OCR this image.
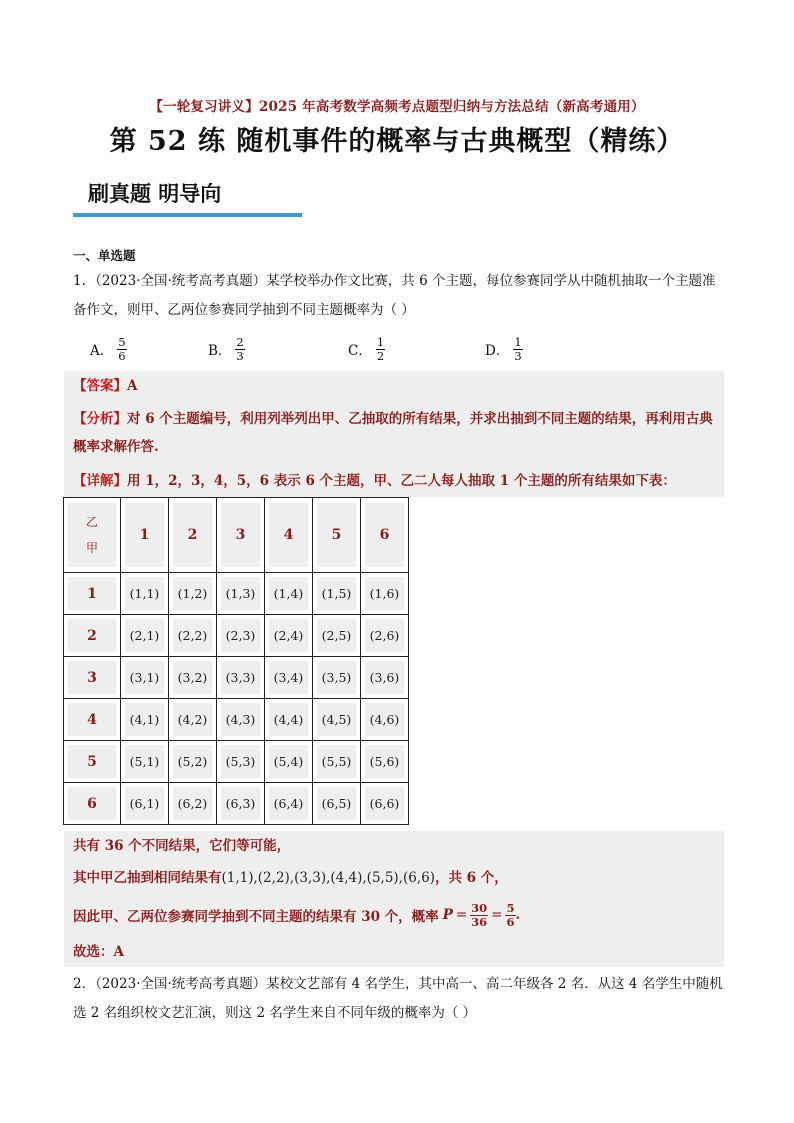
【一轮复习讲义】2025 年高考数学高频考点题型归纳与方法总结（新高考通用）
第 52 练 随机事件的概率与古典概型（精练）
刷真题 明导向
一、单选题
1．（2023·全国·统考高考真题）某学校举办作文比赛，共 6 个主题，每位参赛同学从中随机抽取一个主题准备作文，则甲、乙两位参赛同学抽到不同主题概率为（ ）
A． $\frac{5}{6}$	B． $\frac{2}{3}$	C． $\frac{1}{2}$	D． $\frac{1}{3}$
【答案】A
【分析】对 6 个主题编号，利用列举列出甲、乙抽取的所有结果，并求出抽到不同主题的结果，再利用古典概率求解作答.
【详解】用 1，2，3，4，5，6 表示 6 个主题，甲、乙二人每人抽取 1 个主题的所有结果如下表：
乙
甲	1	2	3	4	5	6

1	(1,1)	(1,2)	(1,3)	(1,4)	(1,5)	(1,6)

2	(2,1)	(2,2)	(2,3)	(2,4)	(2,5)	(2,6)

3	(3,1)	(3,2)	(3,3)	(3,4)	(3,5)	(3,6)

4	(4,1)	(4,2)	(4,3)	(4,4)	(4,5)	(4,6)

5	(5,1)	(5,2)	(5,3)	(5,4)	(5,5)	(5,6)

6	(6,1)	(6,2)	(6,3)	(6,4)	(6,5)	(6,6)
共有 36 个不同结果，它们等可能，
其中甲乙抽到相同结果有(1,1),(2,2),(3,3),(4,4),(5,5),(6,6)，共 6 个，
因此甲、乙两位参赛同学抽到不同主题的结果有 30 个，概率 $P = \frac{30}{36} = \frac{5}{6}$ .
故选：A
2．（2023·全国·统考高考真题）某校文艺部有 4 名学生，其中高一、高二年级各 2 名．从这 4 名学生中随机选 2 名组织校文艺汇演，则这 2 名学生来自不同年级的概率为（ ）
